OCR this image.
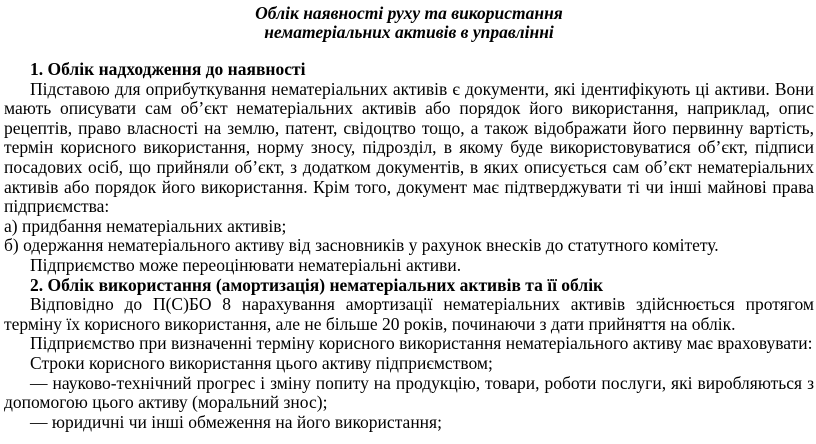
Облік наявності руху та використання

нематеріальних активів в управлінні

1. Облік надходження до наявності

Підставою для оприбуткування нематеріальних активів є документи, які ідентифікують ці активи. Вони мають описувати сам об’єкт нематеріальних активів або порядок його використання, наприклад, опис рецептів, право власності на землю, патент, свідоцтво тощо, а також відображати його первинну вартість, термін корисного використання, норму зносу, підрозділ, в якому буде використовуватися об’єкт, підписи посадових осіб, що прийняли об’єкт, з додатком документів, в яких описується сам об’єкт нематеріальних активів або порядок його використання. Крім того, документ має підтверджувати ті чи інші майнові права підприємства:

а) придбання нематеріальних активів;

б) одержання нематеріального активу від засновників у рахунок внесків до статутного комітету.

Підприємство може переоцінювати нематеріальні активи.

2. Облік використання (амортизація) нематеріальних активів та її облік

Відповідно до П(С)БО 8 нарахування амортизації нематеріальних активів здійснюється протягом терміну їх корисного використання, але не більше 20 років, починаючи з дати прийняття на облік.

Підприємство при визначенні терміну корисного використання нематеріального активу має враховувати:

Строки корисного використання цього активу підприємством;

— науково-технічний прогрес і зміну попиту на продукцію, товари, роботи послуги, які виробляються з допомогою цього активу (моральний знос);

— юридичні чи інші обмеження на його використання;
